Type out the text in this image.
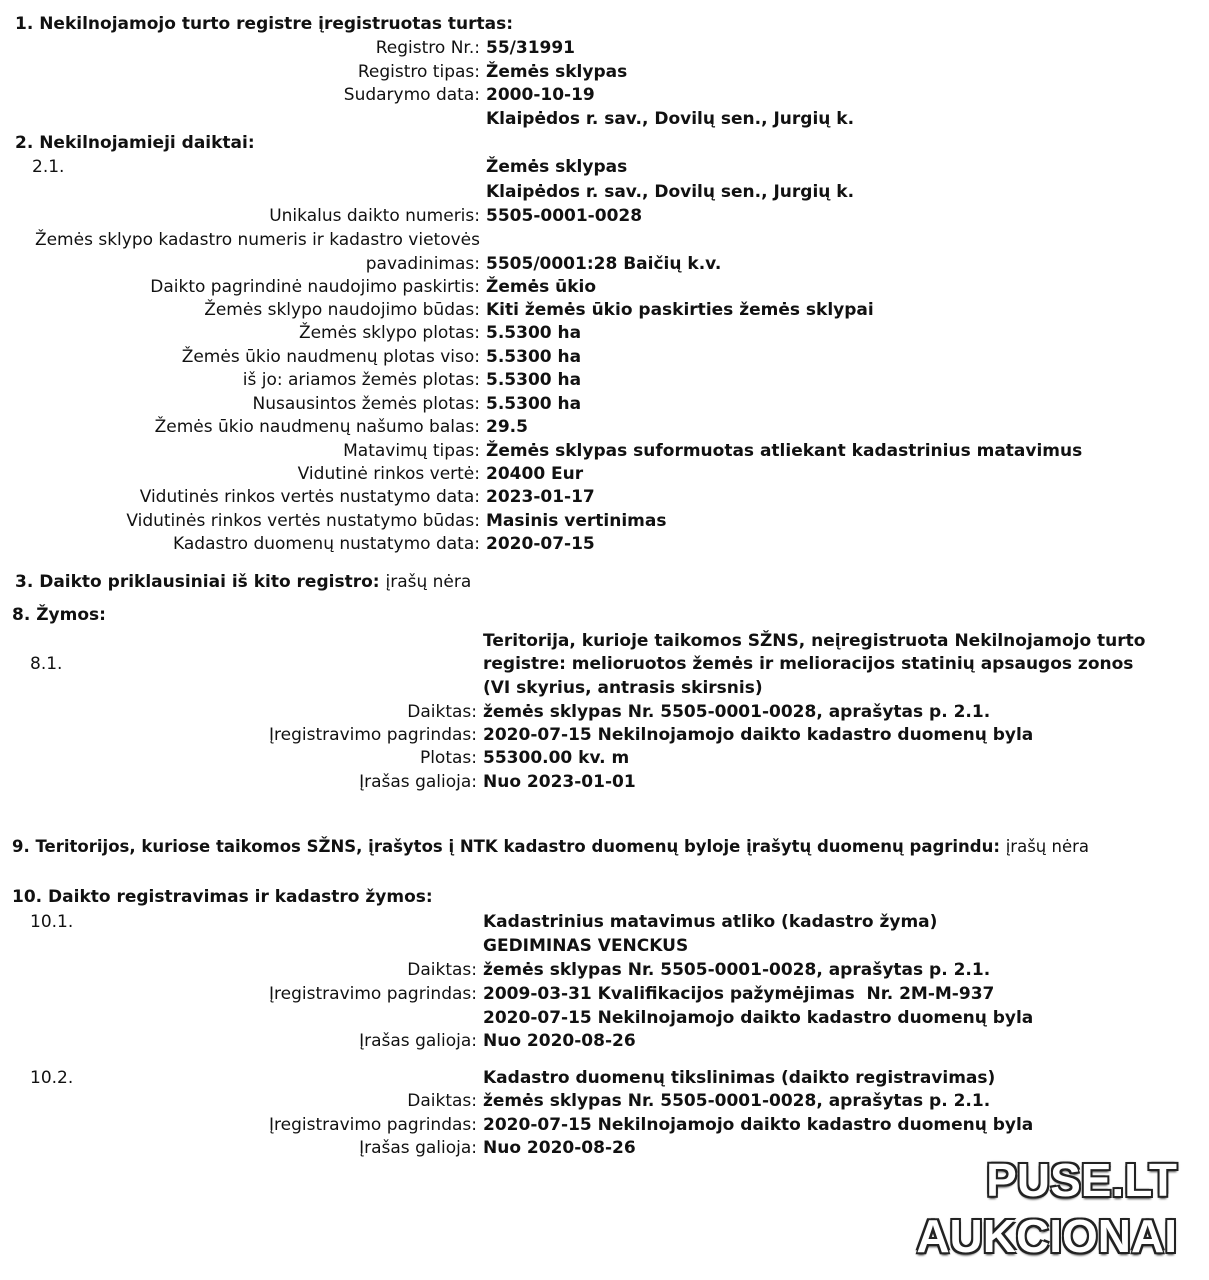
1. Nekilnojamojo turto registre įregistruotas turtas:
Registro Nr.: 55/31991
Registro tipas: Žemės sklypas
Sudarymo data: 2000-10-19
Klaipėdos r. sav., Dovilų sen., Jurgių k.
2. Nekilnojamieji daiktai:
2.1.	Žemės sklypas
Klaipėdos r. sav., Dovilų sen., Jurgių k.
Unikalus daikto numeris: 5505-0001-0028
Žemės sklypo kadastro numeris ir kadastro vietovės
pavadinimas: 5505/0001:28 Baičių k.v.
Daikto pagrindinė naudojimo paskirtis: Žemės ūkio
Žemės sklypo naudojimo būdas: Kiti žemės ūkio paskirties žemės sklypai
Žemės sklypo plotas: 5.5300 ha
Žemės ūkio naudmenų plotas viso: 5.5300 ha
iš jo: ariamos žemės plotas: 5.5300 ha
Nusausintos žemės plotas: 5.5300 ha
Žemės ūkio naudmenų našumo balas: 29.5
Matavimų tipas: Žemės sklypas suformuotas atliekant kadastrinius matavimus
Vidutinė rinkos vertė: 20400 Eur
Vidutinės rinkos vertės nustatymo data: 2023-01-17
Vidutinės rinkos vertės nustatymo būdas: Masinis vertinimas
Kadastro duomenų nustatymo data: 2020-07-15
3. Daikto priklausiniai iš kito registro: įrašų nėra
8. Žymos:
Teritorija, kurioje taikomos SŽNS, neįregistruota Nekilnojamojo turto
8.1.	registre: melioruotos žemės ir melioracijos statinių apsaugos zonos
(VI skyrius, antrasis skirsnis)
Daiktas: žemės sklypas Nr. 5505-0001-0028, aprašytas p. 2.1.
Įregistravimo pagrindas: 2020-07-15 Nekilnojamojo daikto kadastro duomenų byla
Plotas: 55300.00 kv. m
Įrašas galioja: Nuo 2023-01-01
9. Teritorijos, kuriose taikomos SŽNS, įrašytos į NTK kadastro duomenų byloje įrašytų duomenų pagrindu: įrašų nėra
10. Daikto registravimas ir kadastro žymos:
10.1.	Kadastrinius matavimus atliko (kadastro žyma)
GEDIMINAS VENCKUS
Daiktas: žemės sklypas Nr. 5505-0001-0028, aprašytas p. 2.1.
Įregistravimo pagrindas: 2009-03-31 Kvalifikacijos pažymėjimas  Nr. 2M-M-937
2020-07-15 Nekilnojamojo daikto kadastro duomenų byla
Įrašas galioja: Nuo 2020-08-26
10.2.	Kadastro duomenų tikslinimas (daikto registravimas)
Daiktas: žemės sklypas Nr. 5505-0001-0028, aprašytas p. 2.1.
Įregistravimo pagrindas: 2020-07-15 Nekilnojamojo daikto kadastro duomenų byla
Įrašas galioja: Nuo 2020-08-26
PUSE.LT
AUKCIONAI
